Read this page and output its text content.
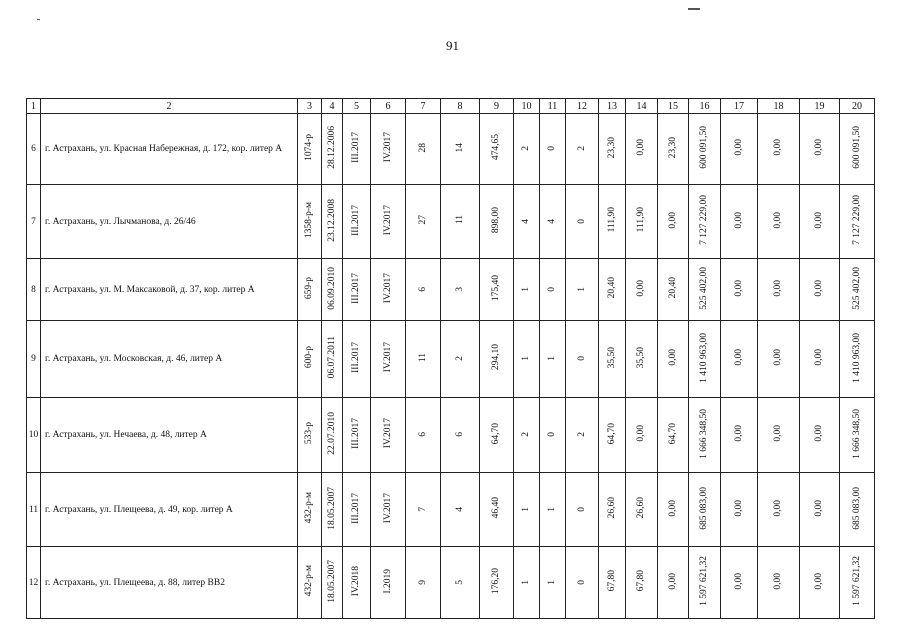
91
1	2	3	4	5	6	7	8	9	10	11	12	13	14	15	16	17	18	19	20
6	г. Астрахань, ул. Красная Набережная, д. 172, кор. литер А	1074-р	28.12.2006	III.2017	IV.2017	28	14	474,65	2	0	2	23,30	0,00	23,30	600 091,50	0,00	0,00	0,00	600 091,50
7	г. Астрахань, ул. Лычманова, д. 26/46	1358-р-м	23.12.2008	III.2017	IV.2017	27	11	898,00	4	4	0	111,90	111,90	0,00	7 127 229,00	0,00	0,00	0,00	7 127 229,00
8	г. Астрахань, ул. М. Максаковой, д. 37, кор. литер А	659-р	06.09.2010	III.2017	IV.2017	6	3	175,40	1	0	1	20,40	0,00	20,40	525 402,00	0,00	0,00	0,00	525 402,00
9	г. Астрахань, ул. Московская, д. 46, литер А	600-р	06.07.2011	III.2017	IV.2017	11	2	294,10	1	1	0	35,50	35,50	0,00	1 410 963,00	0,00	0,00	0,00	1 410 963,00
10	г. Астрахань, ул. Нечаева, д. 48, литер А	533-р	22.07.2010	III.2017	IV.2017	6	6	64,70	2	0	2	64,70	0,00	64,70	1 666 348,50	0,00	0,00	0,00	1 666 348,50
11	г. Астрахань, ул. Плещеева, д. 49, кор. литер А	432-р-м	18.05.2007	III.2017	IV.2017	7	4	46,40	1	1	0	26,60	26,60	0,00	685 083,00	0,00	0,00	0,00	685 083,00
12	г. Астрахань, ул. Плещеева, д. 88, литер ВВ2	432-р-м	18.05.2007	IV.2018	I.2019	9	5	176,20	1	1	0	67,80	67,80	0,00	1 597 621,32	0,00	0,00	0,00	1 597 621,32
